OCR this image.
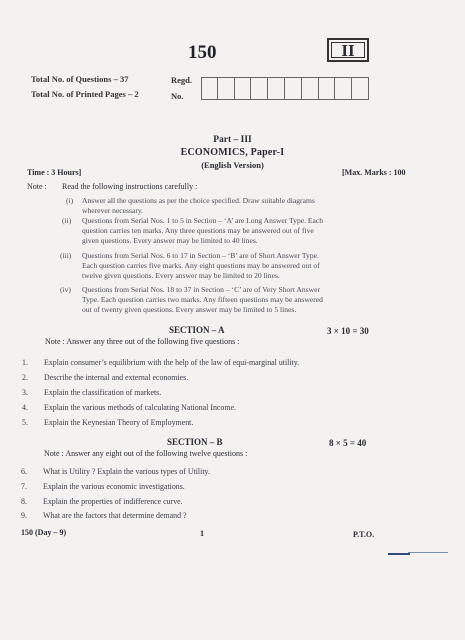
150	II
Total No. of Questions – 37
Total No. of Printed Pages – 2
Regd.
No.
Part – III
ECONOMICS, Paper-I
(English Version)
Time : 3 Hours]	[Max. Marks : 100
Note : Read the following instructions carefully :
(i) Answer all the questions as per the choice specified. Draw suitable diagrams
wherever necessary.
(ii) Questions from Serial Nos. 1 to 5 in Section – ‘A’ are Long Answer Type. Each
question carries ten marks. Any three questions may be answered out of five
given questions. Every answer may be limited to 40 lines.
(iii) Questions from Serial Nos. 6 to 17 in Section – ‘B’ are of Short Answer Type.
Each question carries five marks. Any eight questions may be answered out of
twelve given questions. Every answer may be limited to 20 lines.
(iv) Questions from Serial Nos. 18 to 37 in Section – ‘C’ are of Very Short Answer
Type. Each question carries two marks. Any fifteen questions may be answered
out of twenty given questions. Every answer may be limited to 5 lines.
SECTION – A	3 × 10 = 30
Note : Answer any three out of the following five questions :
1. Explain consumer’s equilibrium with the help of the law of equi-marginal utility.
2. Describe the internal and external economies.
3. Explain the classification of markets.
4. Explain the various methods of calculating National Income.
5. Explain the Keynesian Theory of Employment.
SECTION – B	8 × 5 = 40
Note : Answer any eight out of the following twelve questions :
6. What is Utility ? Explain the various types of Utility.
7. Explain the various economic investigations.
8. Explain the properties of indifference curve.
9. What are the factors that determine demand ?
150 (Day – 9)	1	P.T.O.
